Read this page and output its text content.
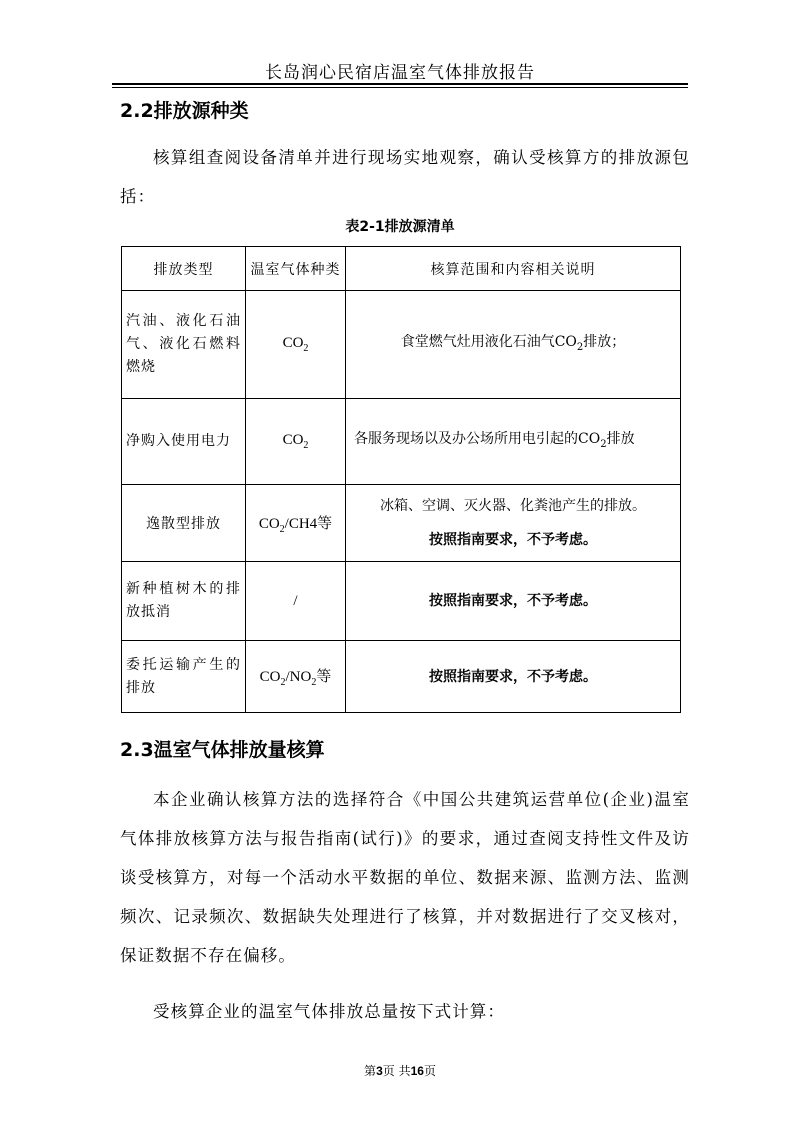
长岛润心民宿店温室气体排放报告
2.2排放源种类
核算组查阅设备清单并进行现场实地观察，确认受核算方的排放源包括：
表2-1排放源清单
排放类型	温室气体种类	核算范围和内容相关说明
汽油、液化石油气、液化石燃料燃烧	$CO_2$	食堂燃气灶用液化石油气$CO_2$排放；
净购入使用电力	$CO_2$	各服务现场以及办公场所用电引起的$CO_2$排放
逸散型排放	$CO_2/CH4$等	冰箱、空调、灭火器、化粪池产生的排放。
按照指南要求，不予考虑。

新种植树木的排放抵消	/	按照指南要求，不予考虑。
委托运输产生的排放	$CO_2/NO_2$等	按照指南要求，不予考虑。
2.3温室气体排放量核算
本企业确认核算方法的选择符合《中国公共建筑运营单位(企业)温室气体排放核算方法与报告指南(试行)》的要求，通过查阅支持性文件及访谈受核算方，对每一个活动水平数据的单位、数据来源、监测方法、监测频次、记录频次、数据缺失处理进行了核算，并对数据进行了交叉核对，保证数据不存在偏移。
受核算企业的温室气体排放总量按下式计算：
第3页 共16页
